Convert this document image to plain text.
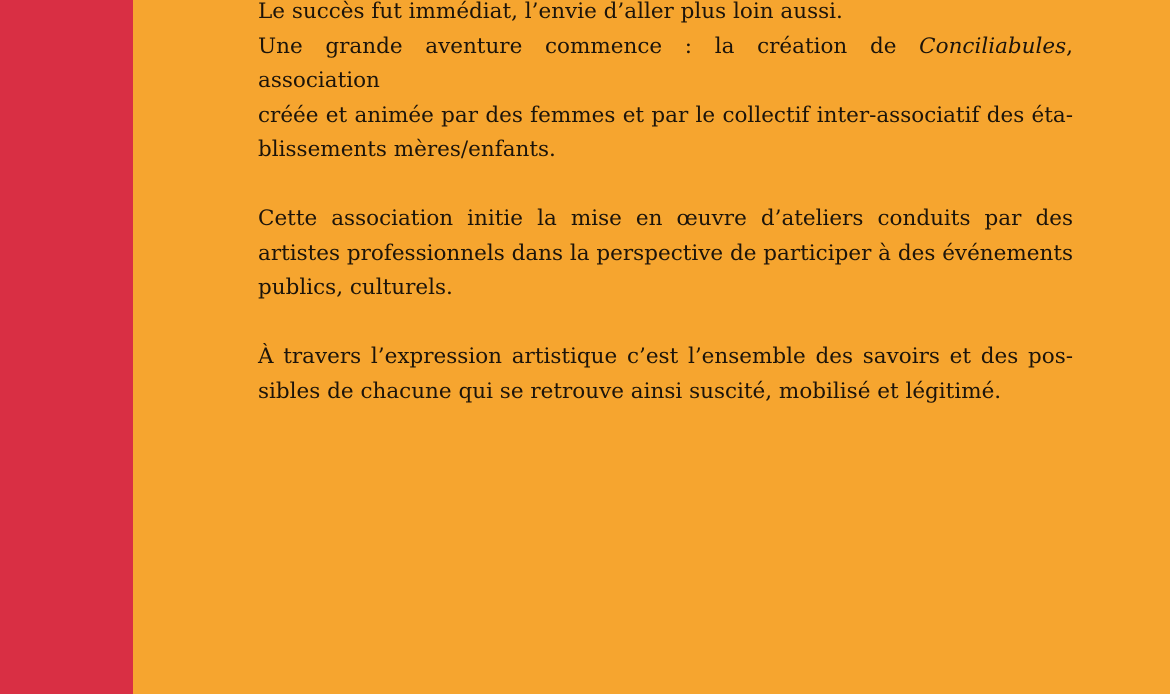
Le succès fut immédiat, l’envie d’aller plus loin aussi.

Une grande aventure commence : la création de Conciliabules, association
créée et animée par des femmes et par le collectif inter-associatif des éta-
blissements mères/enfants.

Cette association initie la mise en œuvre d’ateliers conduits par des
artistes professionnels dans la perspective de participer à des événements
publics, culturels.

À travers l’expression artistique c’est l’ensemble des savoirs et des pos-
sibles de chacune qui se retrouve ainsi suscité, mobilisé et légitimé.
